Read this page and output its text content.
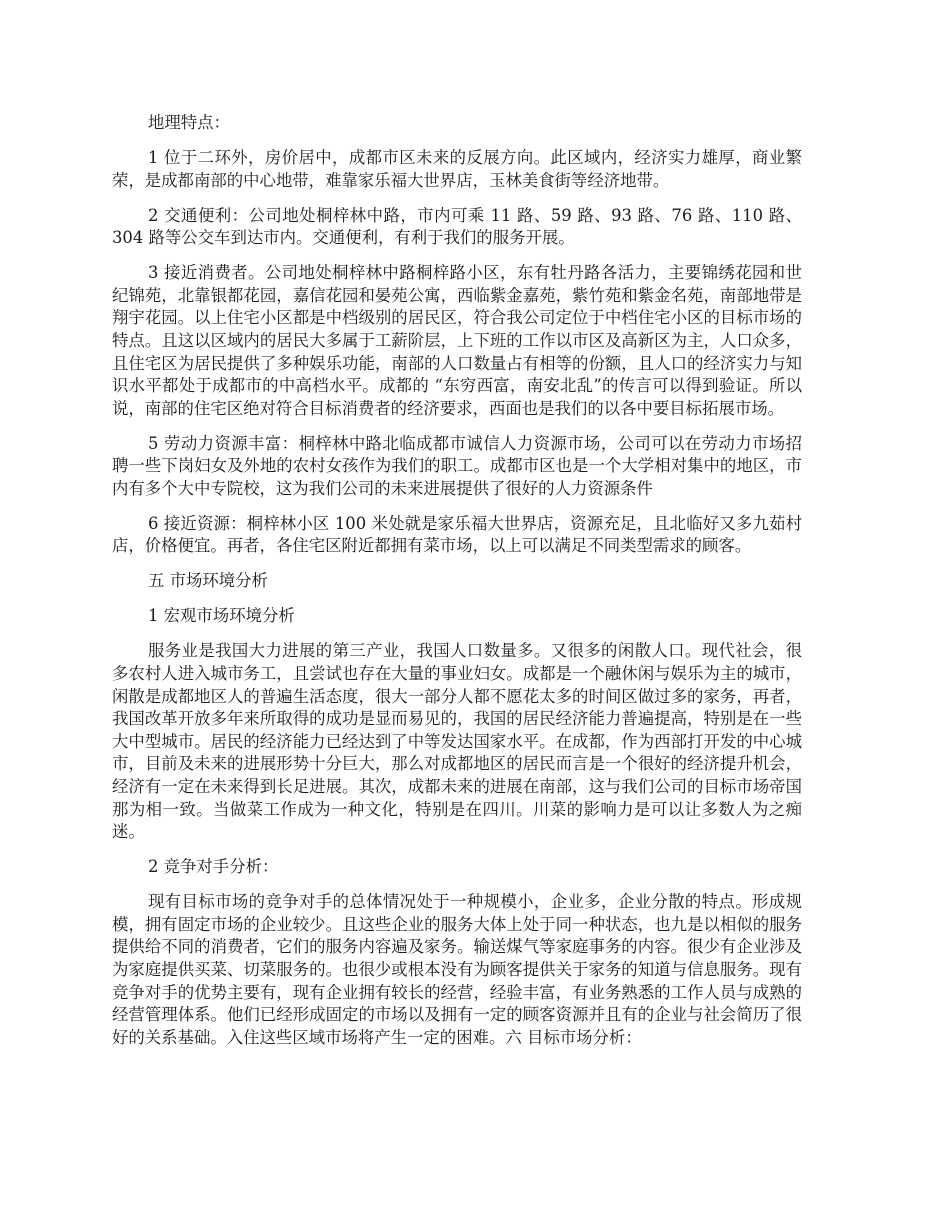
地理特点：

1 位于二环外，房价居中，成都市区未来的反展方向。此区域内，经济实力雄厚，商业繁荣，是成都南部的中心地带，难靠家乐福大世界店，玉林美食街等经济地带。

2 交通便利：公司地处桐梓林中路，市内可乘 11 路、59 路、93 路、76 路、110 路、304 路等公交车到达市内。交通便利，有利于我们的服务开展。

3 接近消费者。公司地处桐梓林中路桐梓路小区，东有牡丹路各活力，主要锦绣花园和世纪锦苑，北靠银都花园，嘉信花园和晏苑公寓，西临紫金嘉苑，紫竹苑和紫金名苑，南部地带是翔宇花园。以上住宅小区都是中档级别的居民区，符合我公司定位于中档住宅小区的目标市场的特点。且这以区域内的居民大多属于工薪阶层，上下班的工作以市区及高新区为主，人口众多，且住宅区为居民提供了多种娱乐功能，南部的人口数量占有相等的份额，且人口的经济实力与知识水平都处于成都市的中高档水平。成都的 “东穷西富，南安北乱”的传言可以得到验证。所以说，南部的住宅区绝对符合目标消费者的经济要求，西面也是我们的以各中要目标拓展市场。

5 劳动力资源丰富：桐梓林中路北临成都市诚信人力资源市场，公司可以在劳动力市场招聘一些下岗妇女及外地的农村女孩作为我们的职工。成都市区也是一个大学相对集中的地区，市内有多个大中专院校，这为我们公司的未来进展提供了很好的人力资源条件

6 接近资源：桐梓林小区 100 米处就是家乐福大世界店，资源充足，且北临好又多九茹村店，价格便宜。再者，各住宅区附近都拥有菜市场，以上可以满足不同类型需求的顾客。

五 市场环境分析

1 宏观市场环境分析

服务业是我国大力进展的第三产业，我国人口数量多。又很多的闲散人口。现代社会，很多农村人进入城市务工，且尝试也存在大量的事业妇女。成都是一个融休闲与娱乐为主的城市，闲散是成都地区人的普遍生活态度，很大一部分人都不愿花太多的时间区做过多的家务，再者，我国改革开放多年来所取得的成功是显而易见的，我国的居民经济能力普遍提高，特别是在一些大中型城市。居民的经济能力已经达到了中等发达国家水平。在成都，作为西部打开发的中心城市，目前及未来的进展形势十分巨大，那么对成都地区的居民而言是一个很好的经济提升机会，经济有一定在未来得到长足进展。其次，成都未来的进展在南部，这与我们公司的目标市场帝国那为相一致。当做菜工作成为一种文化，特别是在四川。川菜的影响力是可以让多数人为之痴迷。

2 竞争对手分析：

现有目标市场的竞争对手的总体情况处于一种规模小，企业多，企业分散的特点。形成规模，拥有固定市场的企业较少。且这些企业的服务大体上处于同一种状态，也九是以相似的服务提供给不同的消费者，它们的服务内容遍及家务。输送煤气等家庭事务的内容。很少有企业涉及为家庭提供买菜、切菜服务的。也很少或根本没有为顾客提供关于家务的知道与信息服务。现有竞争对手的优势主要有，现有企业拥有较长的经营，经验丰富，有业务熟悉的工作人员与成熟的经营管理体系。他们已经形成固定的市场以及拥有一定的顾客资源并且有的企业与社会简历了很好的关系基础。入住这些区域市场将产生一定的困难。六 目标市场分析：
